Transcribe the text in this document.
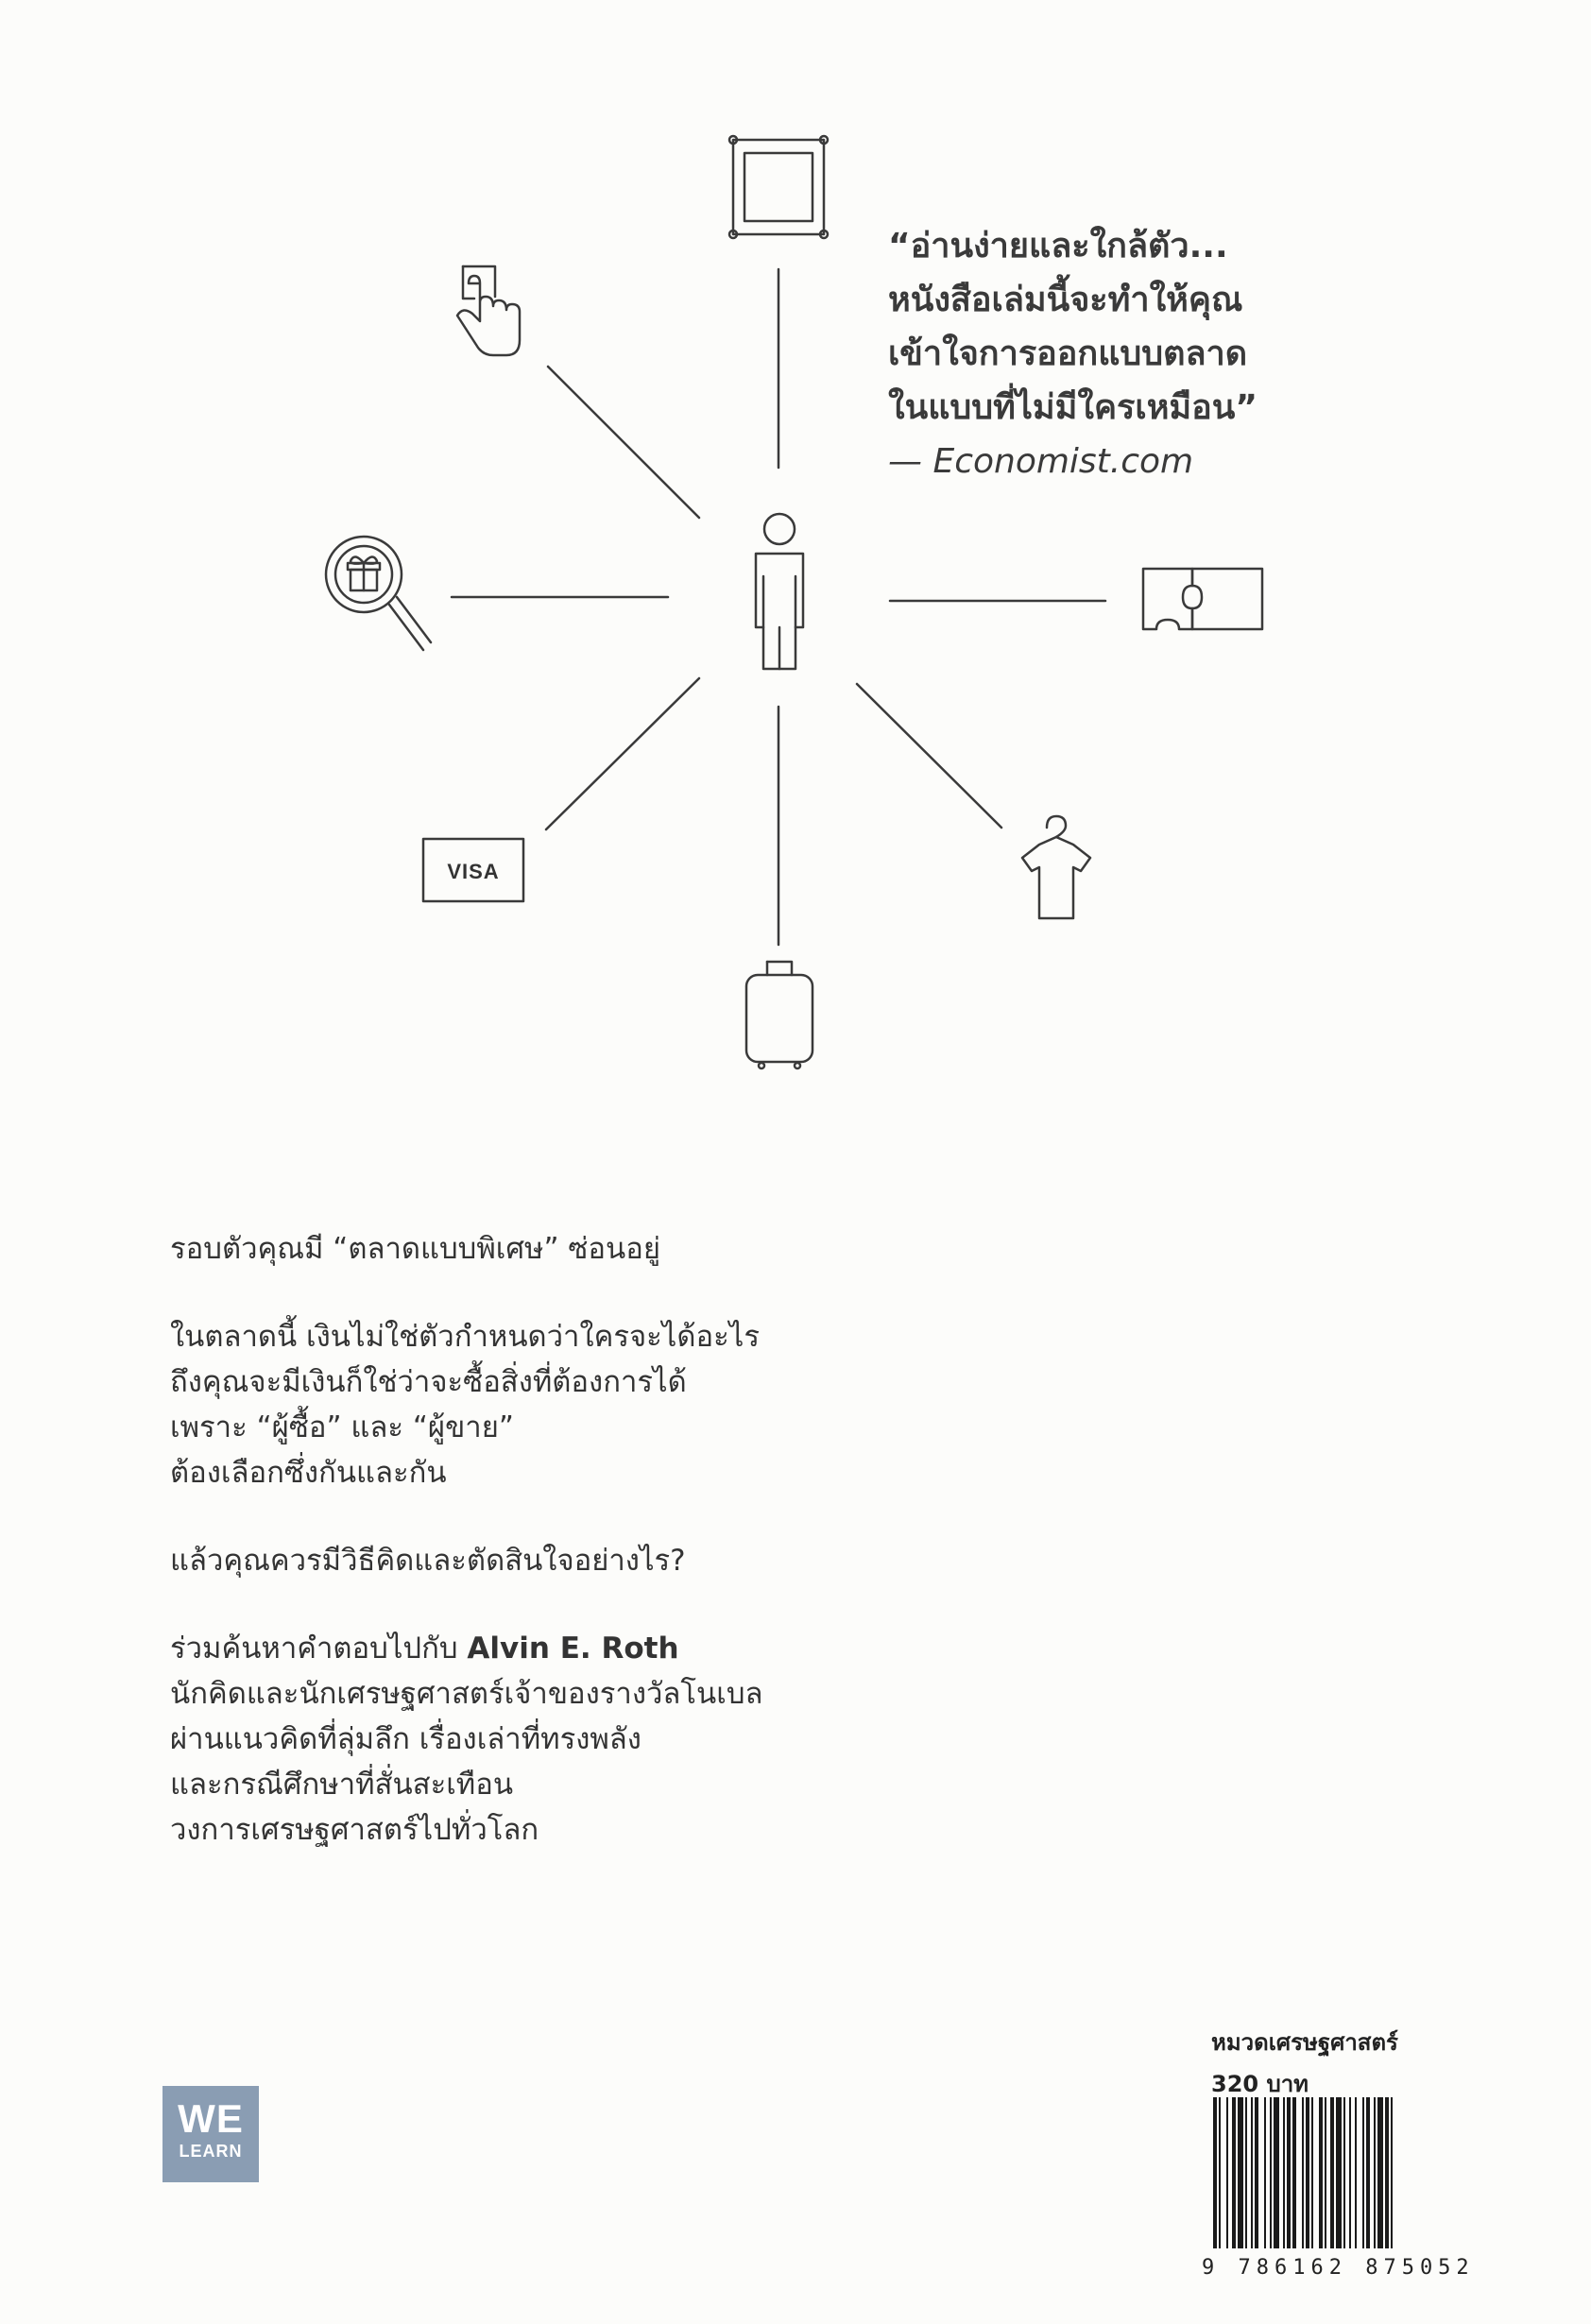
VISA
“อ่านง่ายและใกล้ตัว...
หนังสือเล่มนี้จะทำให้คุณ
เข้าใจการออกแบบตลาด
ในแบบที่ไม่มีใครเหมือน”
— Economist.com

รอบตัวคุณมี “ตลาดแบบพิเศษ” ซ่อนอยู่

ในตลาดนี้ เงินไม่ใช่ตัวกำหนดว่าใครจะได้อะไร
ถึงคุณจะมีเงินก็ใช่ว่าจะซื้อสิ่งที่ต้องการได้
เพราะ “ผู้ซื้อ” และ “ผู้ขาย”
ต้องเลือกซึ่งกันและกัน

แล้วคุณควรมีวิธีคิดและตัดสินใจอย่างไร?

ร่วมค้นหาคำตอบไปกับ Alvin E. Roth
นักคิดและนักเศรษฐศาสตร์เจ้าของรางวัลโนเบล
ผ่านแนวคิดที่ลุ่มลึก เรื่องเล่าที่ทรงพลัง
และกรณีศึกษาที่สั่นสะเทือน
วงการเศรษฐศาสตร์ไปทั่วโลก

WE
LEARN
หมวดเศรษฐศาสตร์
320 บาท
9 786162 875052
